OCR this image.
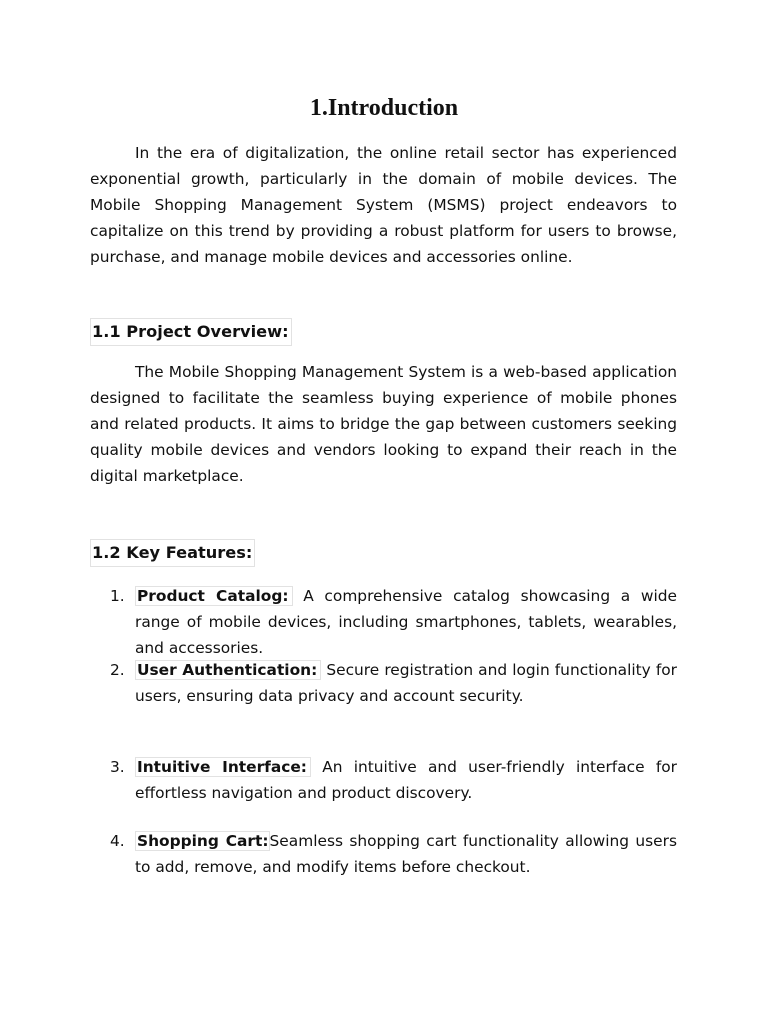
1.Introduction

In the era of digitalization, the online retail sector has experienced exponential growth, particularly in the domain of mobile devices. The Mobile Shopping Management System (MSMS) project endeavors to capitalize on this trend by providing a robust platform for users to browse, purchase, and manage mobile devices and accessories online.

1.1 Project Overview:

The Mobile Shopping Management System is a web-based application designed to facilitate the seamless buying experience of mobile phones and related products. It aims to bridge the gap between customers seeking quality mobile devices and vendors looking to expand their reach in the digital marketplace.

1.2 Key Features:
1. Product Catalog: A comprehensive catalog showcasing a wide range of mobile devices, including smartphones, tablets, wearables, and accessories.

2. User Authentication: Secure registration and login functionality for users, ensuring data privacy and account security.

3. Intuitive Interface: An intuitive and user-friendly interface for effortless navigation and product discovery.

4. Shopping Cart:Seamless shopping cart functionality allowing users to add, remove, and modify items before checkout.
